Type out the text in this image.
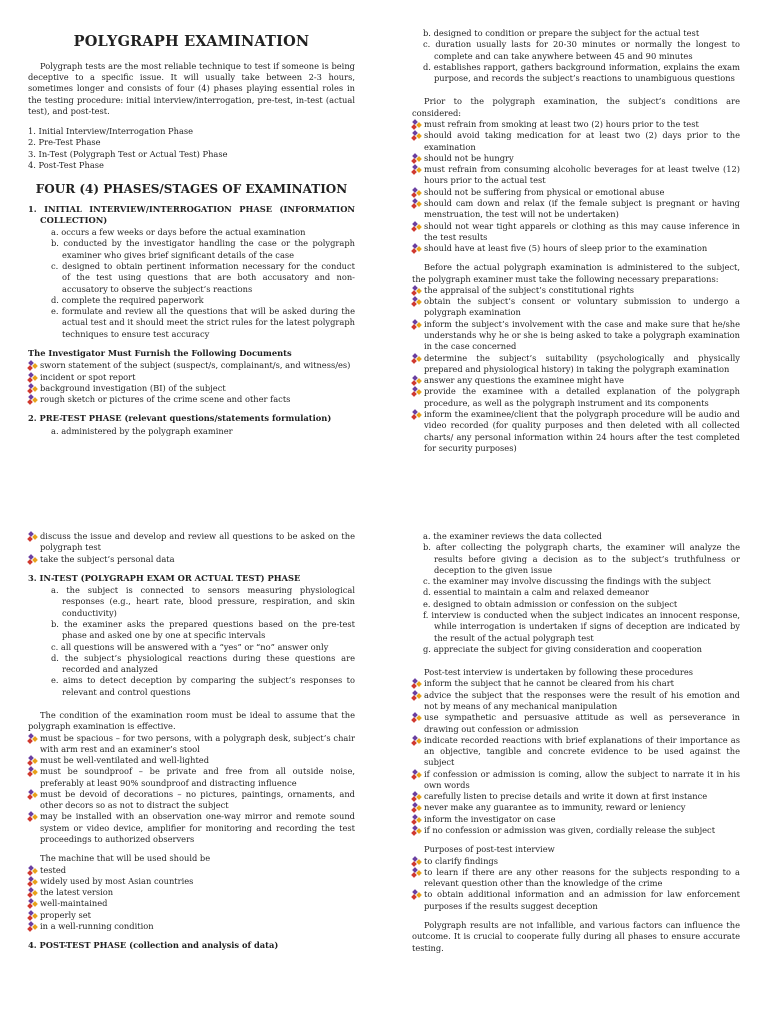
POLYGRAPH EXAMINATION

Polygraph tests are the most reliable technique to test if someone is being deceptive to a specific issue. It will usually take between 2-3 hours, sometimes longer and consists of four (4) phases playing essential roles in the testing procedure: initial interview/interrogation, pre-test, in-test (actual test), and post-test.

1. Initial Interview/Interrogation Phase
2. Pre-Test Phase
3. In-Test (Polygraph Test or Actual Test) Phase
4. Post-Test Phase
FOUR (4) PHASES/STAGES OF EXAMINATION
1. INITIAL INTERVIEW/INTERROGATION PHASE (INFORMATION COLLECTION)
a. occurs a few weeks or days before the actual examination
b. conducted by the investigator handling the case or the polygraph examiner who gives brief significant details of the case
c. designed to obtain pertinent information necessary for the conduct of the test using questions that are both accusatory and non-accusatory to observe the subject’s reactions
d. complete the required paperwork
e. formulate and review all the questions that will be asked during the actual test and it should meet the strict rules for the latest polygraph techniques to ensure test accuracy
The Investigator Must Furnish the Following Documents
sworn statement of the subject (suspect/s, complainant/s, and witness/es)
incident or spot report
background investigation (BI) of the subject
rough sketch or pictures of the crime scene and other facts
2. PRE-TEST PHASE (relevant questions/statements formulation)
a. administered by the polygraph examiner
b. designed to condition or prepare the subject for the actual test
c. duration usually lasts for 20-30 minutes or normally the longest to complete and can take anywhere between 45 and 90 minutes
d. establishes rapport, gathers background information, explains the exam purpose, and records the subject’s reactions to unambiguous questions

Prior to the polygraph examination, the subject’s conditions are considered:

must refrain from smoking at least two (2) hours prior to the test
should avoid taking medication for at least two (2) days prior to the examination
should not be hungry
must refrain from consuming alcoholic beverages for at least twelve (12) hours prior to the actual test
should not be suffering from physical or emotional abuse
should cam down and relax (if the female subject is pregnant or having menstruation, the test will not be undertaken)
should not wear tight apparels or clothing as this may cause inference in the test results
should have at least five (5) hours of sleep prior to the examination

Before the actual polygraph examination is administered to the subject, the polygraph examiner must take the following necessary preparations:

the appraisal of the subject’s constitutional rights
obtain the subject’s consent or voluntary submission to undergo a polygraph examination
inform the subject’s involvement with the case and make sure that he/she understands why he or she is being asked to take a polygraph examination in the case concerned
determine the subject’s suitability (psychologically and physically prepared and physiological history) in taking the polygraph examination
answer any questions the examinee might have
provide the examinee with a detailed explanation of the polygraph procedure, as well as the polygraph instrument and its components
inform the examinee/client that the polygraph procedure will be audio and video recorded (for quality purposes and then deleted with all collected charts/ any personal information within 24 hours after the test completed for security purposes)
discuss the issue and develop and review all questions to be asked on the polygraph test
take the subject’s personal data
3. IN-TEST (POLYGRAPH EXAM OR ACTUAL TEST) PHASE
a. the subject is connected to sensors measuring physiological responses (e.g., heart rate, blood pressure, respiration, and skin conductivity)
b. the examiner asks the prepared questions based on the pre-test phase and asked one by one at specific intervals
c. all questions will be answered with a “yes” or “no” answer only
d. the subject’s physiological reactions during these questions are recorded and analyzed
e. aims to detect deception by comparing the subject’s responses to relevant and control questions

The condition of the examination room must be ideal to assume that the polygraph examination is effective.

must be spacious – for two persons, with a polygraph desk, subject’s chair with arm rest and an examiner’s stool
must be well-ventilated and well-lighted
must be soundproof – be private and free from all outside noise, preferably at least 90% soundproof and distracting influence
must be devoid of decorations – no pictures, paintings, ornaments, and other decors so as not to distract the subject
may be installed with an observation one-way mirror and remote sound system or video device, amplifier for monitoring and recording the test proceedings to authorized observers

The machine that will be used should be

tested
widely used by most Asian countries
the latest version
well-maintained
properly set
in a well-running condition
4. POST-TEST PHASE (collection and analysis of data)
a. the examiner reviews the data collected
b. after collecting the polygraph charts, the examiner will analyze the results before giving a decision as to the subject’s truthfulness or deception to the given issue
c. the examiner may involve discussing the findings with the subject
d. essential to maintain a calm and relaxed demeanor
e. designed to obtain admission or confession on the subject
f. interview is conducted when the subject indicates an innocent response, while interrogation is undertaken if signs of deception are indicated by the result of the actual polygraph test
g. appreciate the subject for giving consideration and cooperation

Post-test interview is undertaken by following these procedures

inform the subject that he cannot be cleared from his chart
advice the subject that the responses were the result of his emotion and not by means of any mechanical manipulation
use sympathetic and persuasive attitude as well as perseverance in drawing out confession or admission
indicate recorded reactions with brief explanations of their importance as an objective, tangible and concrete evidence to be used against the subject
if confession or admission is coming, allow the subject to narrate it in his own words
carefully listen to precise details and write it down at first instance
never make any guarantee as to immunity, reward or leniency
inform the investigator on case
if no confession or admission was given, cordially release the subject

Purposes of post-test interview

to clarify findings
to learn if there are any other reasons for the subjects responding to a relevant question other than the knowledge of the crime
to obtain additional information and an admission for law enforcement purposes if the results suggest deception

Polygraph results are not infallible, and various factors can influence the outcome. It is crucial to cooperate fully during all phases to ensure accurate testing.
